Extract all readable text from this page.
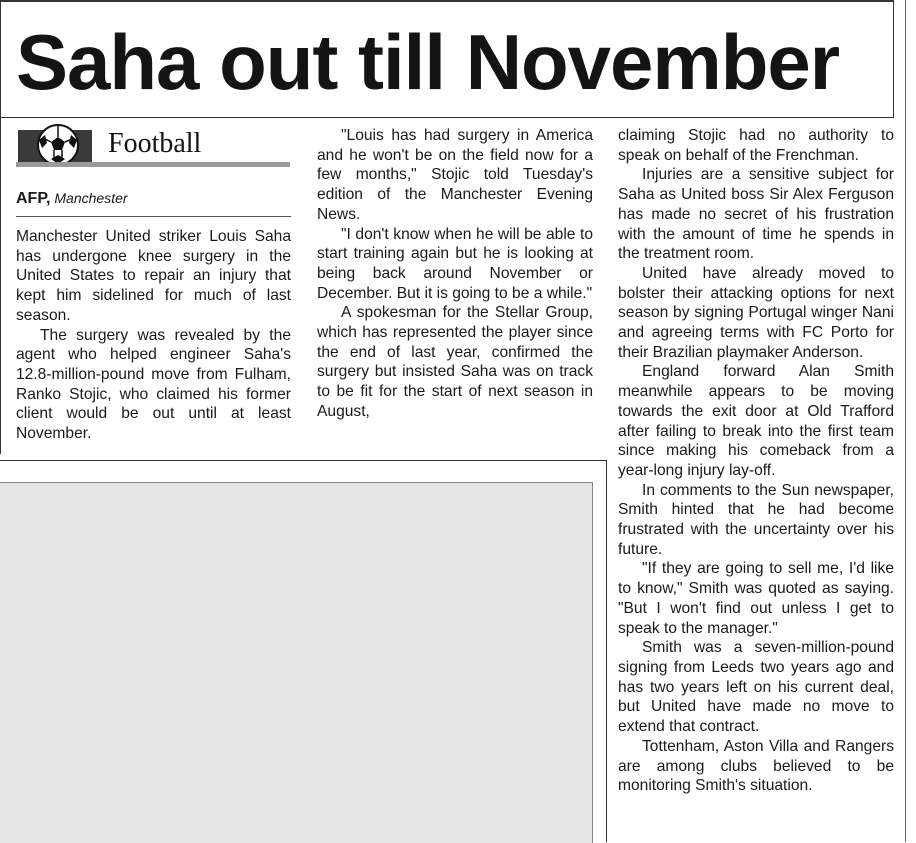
Saha out till November
Football
AFP, Manchester

Manchester United striker Louis Saha has undergone knee surgery in the United States to repair an injury that kept him sidelined for much of last season.

The surgery was revealed by the agent who helped engineer Saha's 12.8-million-pound move from Fulham, Ranko Stojic, who claimed his former client would be out until at least November.

"Louis has had surgery in America and he won't be on the field now for a few months," Stojic told Tuesday's edition of the Manchester Evening News.

"I don't know when he will be able to start training again but he is looking at being back around November or December. But it is going to be a while."

A spokesman for the Stellar Group, which has represented the player since the end of last year, confirmed the surgery but insisted Saha was on track to be fit for the start of next season in August,

claiming Stojic had no authority to speak on behalf of the Frenchman.

Injuries are a sensitive subject for Saha as United boss Sir Alex Ferguson has made no secret of his frustration with the amount of time he spends in the treatment room.

United have already moved to bolster their attacking options for next season by signing Portugal winger Nani and agreeing terms with FC Porto for their Brazilian playmaker Anderson.

England forward Alan Smith meanwhile appears to be moving towards the exit door at Old Trafford after failing to break into the first team since making his comeback from a year-long injury lay-off.

In comments to the Sun newspaper, Smith hinted that he had become frustrated with the uncertainty over his future.

"If they are going to sell me, I'd like to know," Smith was quoted as saying. "But I won't find out unless I get to speak to the manager."

Smith was a seven-million-pound signing from Leeds two years ago and has two years left on his current deal, but United have made no move to extend that contract.

Tottenham, Aston Villa and Rangers are among clubs believed to be monitoring Smith's situation.
